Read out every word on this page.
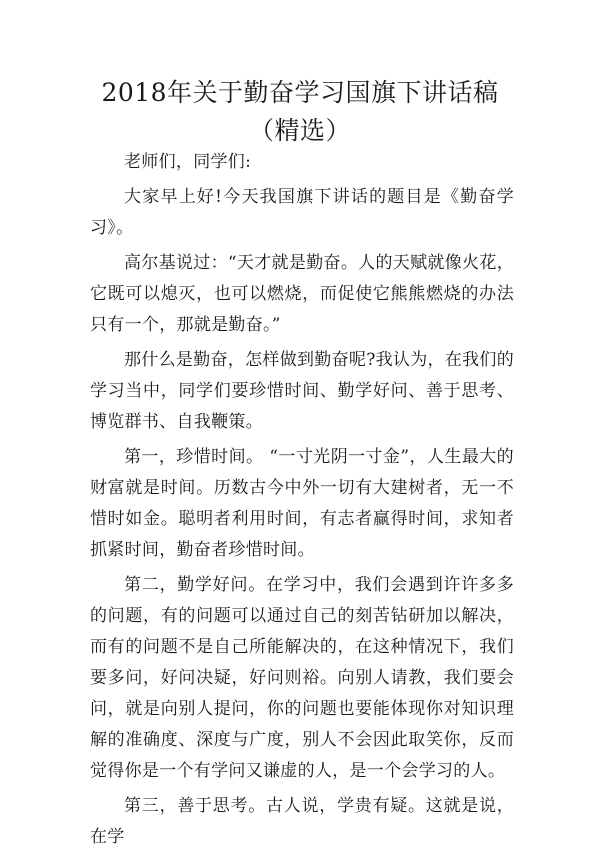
2018年关于勤奋学习国旗下讲话稿（精选）

老师们，同学们:

大家早上好!今天我国旗下讲话的题目是《勤奋学习》。

高尔基说过：“天才就是勤奋。人的天赋就像火花，它既可以熄灭，也可以燃烧，而促使它熊熊燃烧的办法只有一个，那就是勤奋。”

那什么是勤奋，怎样做到勤奋呢?我认为，在我们的学习当中，同学们要珍惜时间、勤学好问、善于思考、博览群书、自我鞭策。

第一，珍惜时间。 “一寸光阴一寸金”，人生最大的财富就是时间。历数古今中外一切有大建树者，无一不惜时如金。聪明者利用时间，有志者赢得时间，求知者抓紧时间，勤奋者珍惜时间。

第二，勤学好问。在学习中，我们会遇到许许多多的问题，有的问题可以通过自己的刻苦钻研加以解决，而有的问题不是自己所能解决的，在这种情况下，我们要多问，好问决疑，好问则裕。向别人请教，我们要会问，就是向别人提问，你的问题也要能体现你对知识理解的准确度、深度与广度，别人不会因此取笑你，反而觉得你是一个有学问又谦虚的人，是一个会学习的人。

第三，善于思考。古人说，学贵有疑。这就是说，在学
